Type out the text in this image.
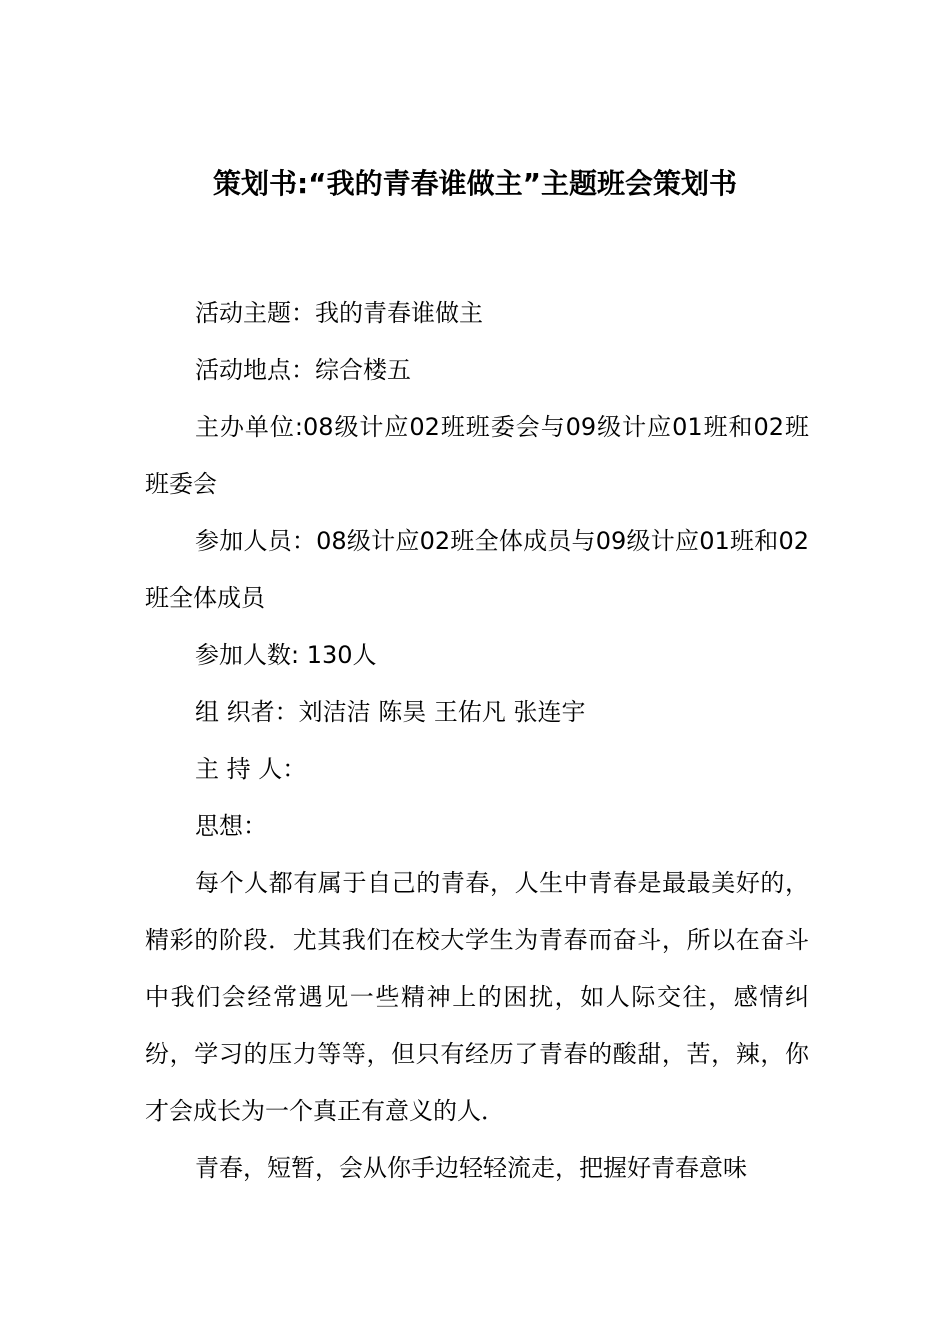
策划书:“我的青春谁做主”主题班会策划书

活动主题：我的青春谁做主

活动地点：综合楼五

主办单位:08级计应02班班委会与09级计应01班和02班班委会

参加人员：08级计应02班全体成员与09级计应01班和02班全体成员

参加人数: 130人

组 织者：刘洁洁 陈昊 王佑凡 张连宇

主 持 人：

思想：

每个人都有属于自己的青春，人生中青春是最最美好的，精彩的阶段．尤其我们在校大学生为青春而奋斗，所以在奋斗中我们会经常遇见一些精神上的困扰，如人际交往，感情纠纷，学习的压力等等，但只有经历了青春的酸甜，苦，辣，你才会成长为一个真正有意义的人．

青春，短暂，会从你手边轻轻流走，把握好青春意味
